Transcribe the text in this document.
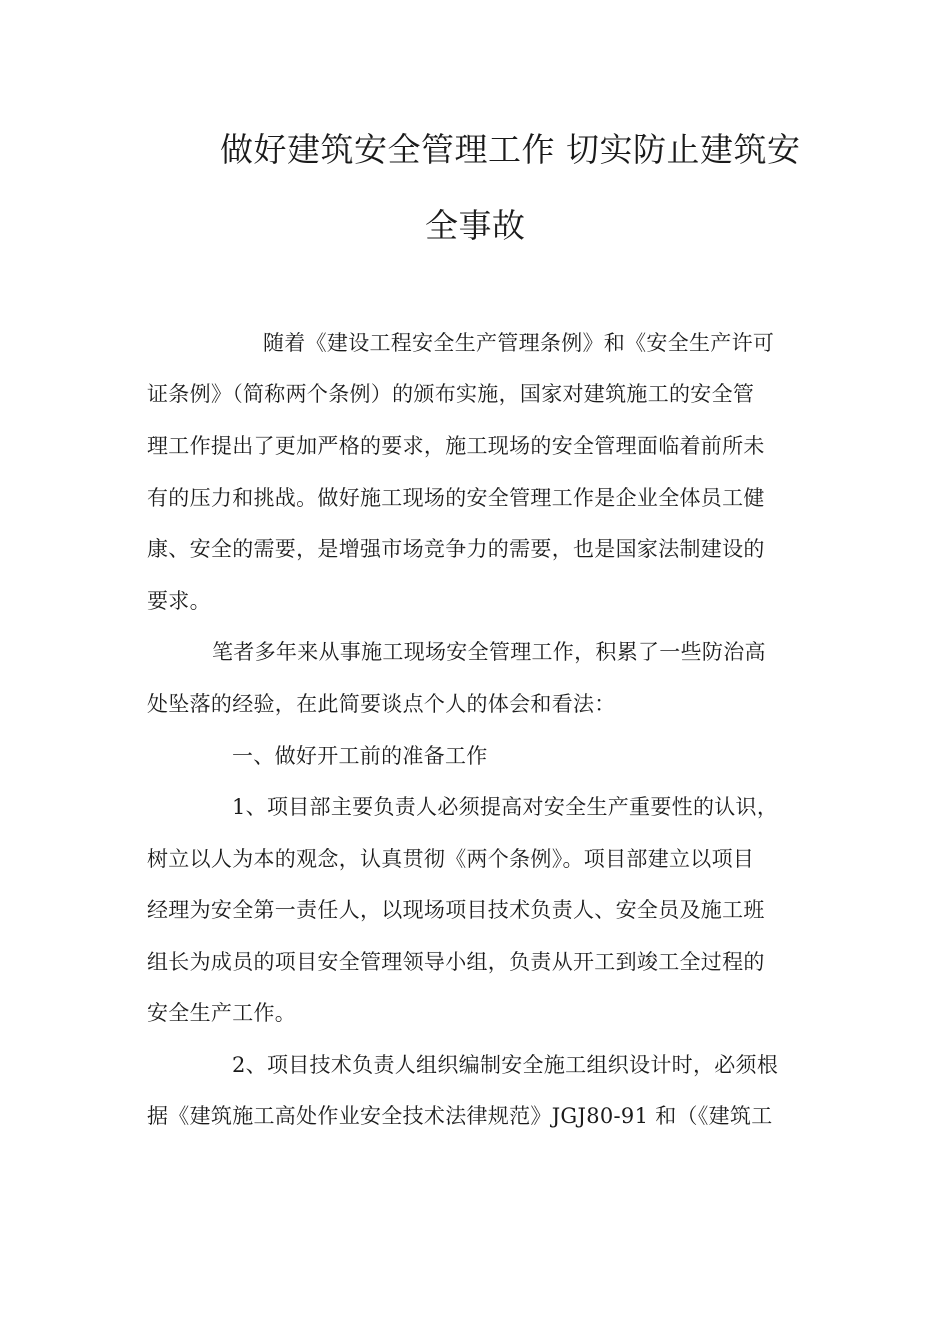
做好建筑安全管理工作 切实防止建筑安
全事故
随着《建设工程安全生产管理条例》和《安全生产许可
证条例》（简称两个条例）的颁布实施，国家对建筑施工的安全管
理工作提出了更加严格的要求，施工现场的安全管理面临着前所未
有的压力和挑战。做好施工现场的安全管理工作是企业全体员工健
康、安全的需要，是增强市场竞争力的需要，也是国家法制建设的
要求。
笔者多年来从事施工现场安全管理工作，积累了一些防治高
处坠落的经验，在此简要谈点个人的体会和看法：
一、做好开工前的准备工作
1、项目部主要负责人必须提高对安全生产重要性的认识，
树立以人为本的观念，认真贯彻《两个条例》。项目部建立以项目
经理为安全第一责任人，以现场项目技术负责人、安全员及施工班
组长为成员的项目安全管理领导小组，负责从开工到竣工全过程的
安全生产工作。
2、项目技术负责人组织编制安全施工组织设计时，必须根
据《建筑施工高处作业安全技术法律规范》JGJ80-91 和（《建筑工
